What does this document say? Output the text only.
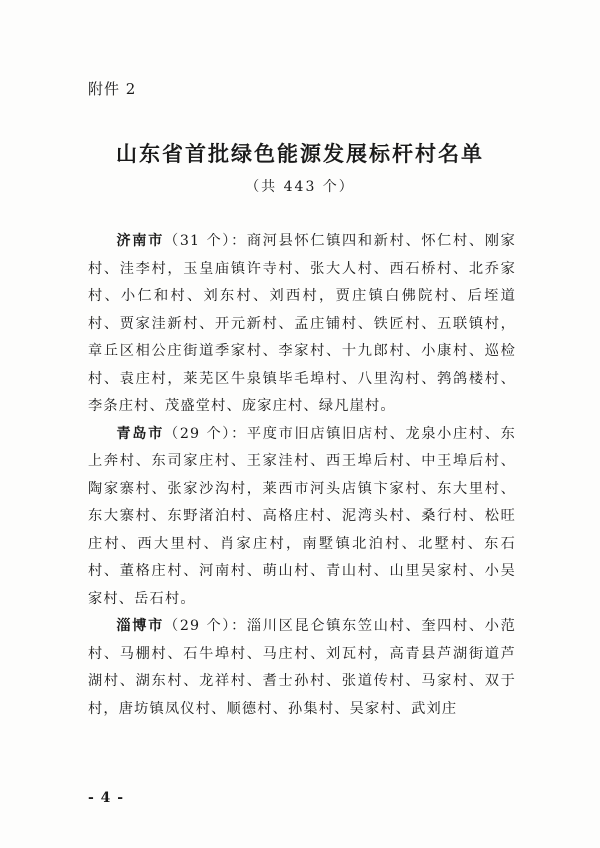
附件 2
山东省首批绿色能源发展标杆村名单
（共 443 个）

济南市（31 个）：商河县怀仁镇四和新村、怀仁村、刚家村、洼李村，玉皇庙镇许寺村、张大人村、西石桥村、北乔家村、小仁和村、刘东村、刘西村，贾庄镇白佛院村、后垤道村、贾家洼新村、开元新村、孟庄铺村、铁匠村、五联镇村，章丘区相公庄街道季家村、李家村、十九郎村、小康村、巡检村、袁庄村，莱芜区牛泉镇毕毛埠村、八里沟村、鹁鸽楼村、李条庄村、茂盛堂村、庞家庄村、绿凡崖村。

青岛市（29 个）：平度市旧店镇旧店村、龙泉小庄村、东上奔村、东司家庄村、王家洼村、西王埠后村、中王埠后村、陶家寨村、张家沙沟村，莱西市河头店镇卞家村、东大里村、东大寨村、东野渚泊村、高格庄村、泥湾头村、桑行村、松旺庄村、西大里村、肖家庄村，南墅镇北泊村、北墅村、东石村、董格庄村、河南村、萌山村、青山村、山里吴家村、小吴家村、岳石村。

淄博市（29 个）：淄川区昆仑镇东笠山村、奎四村、小范村、马棚村、石牛埠村、马庄村、刘瓦村，高青县芦湖街道芦湖村、湖东村、龙祥村、耆士孙村、张道传村、马家村、双于村，唐坊镇凤仪村、顺德村、孙集村、吴家村、武刘庄

- 4 -
